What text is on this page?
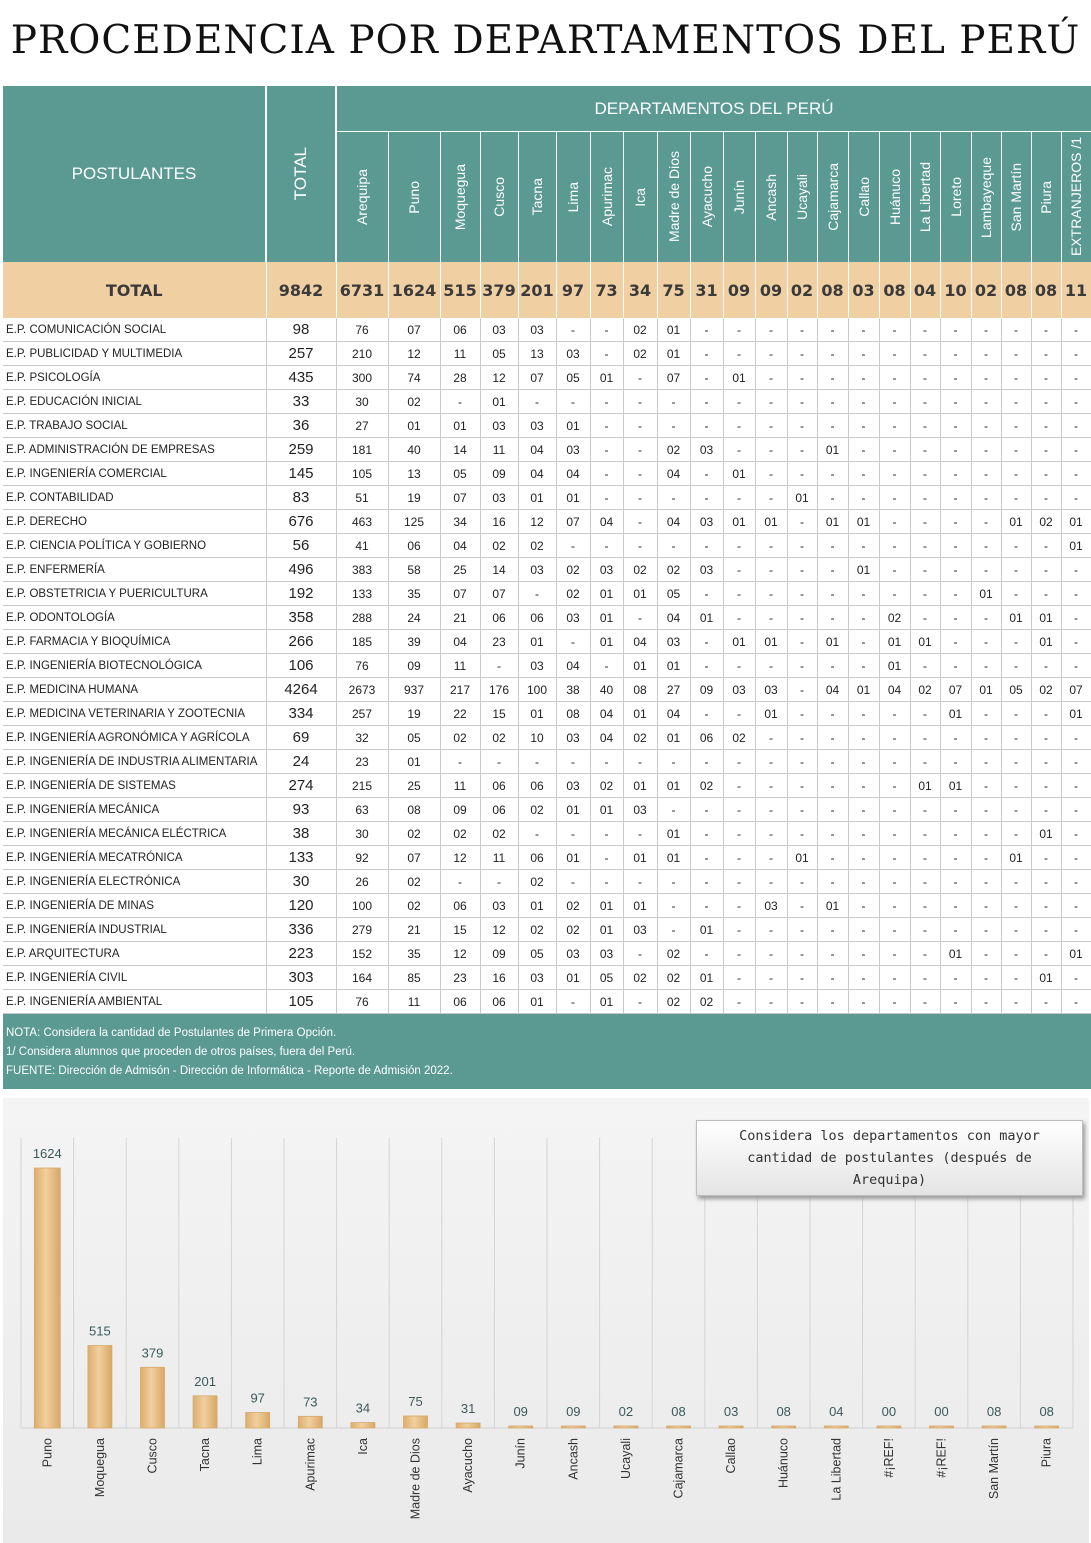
PROCEDENCIA POR DEPARTAMENTOS DEL PERÚ
POSTULANTES	TOTAL	DEPARTAMENTOS DEL PERÚ																					

		Arequipa	Puno	Moquegua	Cusco	Tacna	Lima	Apurimac	Ica	Madre de Dios	Ayacucho	Junín	Ancash	Ucayali	Cajamarca	Callao	Huánuco	La Libertad	Loreto	Lambayeque	San Martín	Piura	EXTRANJEROS /1

TOTAL	9842	6731	1624	515	379	201	97	73	34	75	31	09	09	02	08	03	08	04	10	02	08	08	11
E.P. COMUNICACIÓN SOCIAL	98	76	07	06	03	03	-	-	02	01	-	-	-	-	-	-	-	-	-	-	-	-	-
E.P. PUBLICIDAD Y MULTIMEDIA	257	210	12	11	05	13	03	-	02	01	-	-	-	-	-	-	-	-	-	-	-	-	-
E.P. PSICOLOGÍA	435	300	74	28	12	07	05	01	-	07	-	01	-	-	-	-	-	-	-	-	-	-	-
E.P. EDUCACIÓN INICIAL	33	30	02	-	01	-	-	-	-	-	-	-	-	-	-	-	-	-	-	-	-	-	-
E.P. TRABAJO SOCIAL	36	27	01	01	03	03	01	-	-	-	-	-	-	-	-	-	-	-	-	-	-	-	-
E.P. ADMINISTRACIÓN DE EMPRESAS	259	181	40	14	11	04	03	-	-	02	03	-	-	-	01	-	-	-	-	-	-	-	-
E.P. INGENIERÍA COMERCIAL	145	105	13	05	09	04	04	-	-	04	-	01	-	-	-	-	-	-	-	-	-	-	-
E.P. CONTABILIDAD	83	51	19	07	03	01	01	-	-	-	-	-	-	01	-	-	-	-	-	-	-	-	-
E.P. DERECHO	676	463	125	34	16	12	07	04	-	04	03	01	01	-	01	01	-	-	-	-	01	02	01
E.P. CIENCIA POLÍTICA Y GOBIERNO	56	41	06	04	02	02	-	-	-	-	-	-	-	-	-	-	-	-	-	-	-	-	01
E.P. ENFERMERÍA	496	383	58	25	14	03	02	03	02	02	03	-	-	-	-	01	-	-	-	-	-	-	-
E.P. OBSTETRICIA Y PUERICULTURA	192	133	35	07	07	-	02	01	01	05	-	-	-	-	-	-	-	-	-	01	-	-	-
E.P. ODONTOLOGÍA	358	288	24	21	06	06	03	01	-	04	01	-	-	-	-	-	02	-	-	-	01	01	-
E.P. FARMACIA Y BIOQUÍMICA	266	185	39	04	23	01	-	01	04	03	-	01	01	-	01	-	01	01	-	-	-	01	-
E.P. INGENIERÍA BIOTECNOLÓGICA	106	76	09	11	-	03	04	-	01	01	-	-	-	-	-	-	01	-	-	-	-	-	-
E.P. MEDICINA HUMANA	4264	2673	937	217	176	100	38	40	08	27	09	03	03	-	04	01	04	02	07	01	05	02	07
E.P. MEDICINA VETERINARIA Y ZOOTECNIA	334	257	19	22	15	01	08	04	01	04	-	-	01	-	-	-	-	-	01	-	-	-	01
E.P. INGENIERÍA AGRONÓMICA Y AGRÍCOLA	69	32	05	02	02	10	03	04	02	01	06	02	-	-	-	-	-	-	-	-	-	-	-
E.P. INGENIERÍA DE INDUSTRIA ALIMENTARIA	24	23	01	-	-	-	-	-	-	-	-	-	-	-	-	-	-	-	-	-	-	-	-
E.P. INGENIERÍA DE SISTEMAS	274	215	25	11	06	06	03	02	01	01	02	-	-	-	-	-	-	01	01	-	-	-	-
E.P. INGENIERÍA MECÁNICA	93	63	08	09	06	02	01	01	03	-	-	-	-	-	-	-	-	-	-	-	-	-	-
E.P. INGENIERÍA MECÁNICA ELÉCTRICA	38	30	02	02	02	-	-	-	-	01	-	-	-	-	-	-	-	-	-	-	-	01	-
E.P. INGENIERÍA MECATRÓNICA	133	92	07	12	11	06	01	-	01	01	-	-	-	01	-	-	-	-	-	-	01	-	-
E.P. INGENIERÍA ELECTRÓNICA	30	26	02	-	-	02	-	-	-	-	-	-	-	-	-	-	-	-	-	-	-	-	-
E.P. INGENIERÍA DE MINAS	120	100	02	06	03	01	02	01	01	-	-	-	03	-	01	-	-	-	-	-	-	-	-
E.P. INGENIERÍA INDUSTRIAL	336	279	21	15	12	02	02	01	03	-	01	-	-	-	-	-	-	-	-	-	-	-	-
E.P. ARQUITECTURA	223	152	35	12	09	05	03	03	-	02	-	-	-	-	-	-	-	-	01	-	-	-	01
E.P. INGENIERÍA CIVIL	303	164	85	23	16	03	01	05	02	02	01	-	-	-	-	-	-	-	-	-	-	01	-
E.P. INGENIERÍA AMBIENTAL	105	76	11	06	06	01	-	01	-	02	02	-	-	-	-	-	-	-	-	-	-	-	-

NOTA: Considera la cantidad de Postulantes de Primera Opción.
1/ Considera alumnos que proceden de otros países, fuera del Perú.
FUENTE: Dirección de Admisón - Dirección de Informática - Reporte de Admisión 2022.																							
1624
Puno
515
Moquegua
379
Cusco
201
Tacna
97
Lima
73
Apurimac
34
Ica
75
Madre de Dios
31
Ayacucho
09
Junín
09
Ancash
02
Ucayali
08
Cajamarca
03
Callao
08
Huánuco
04
La Libertad
00
#¡REF!
00
#¡REF!
08
San Martín
08
Piura
Considera los departamentos con mayor cantidad de postulantes (después de Arequipa)
